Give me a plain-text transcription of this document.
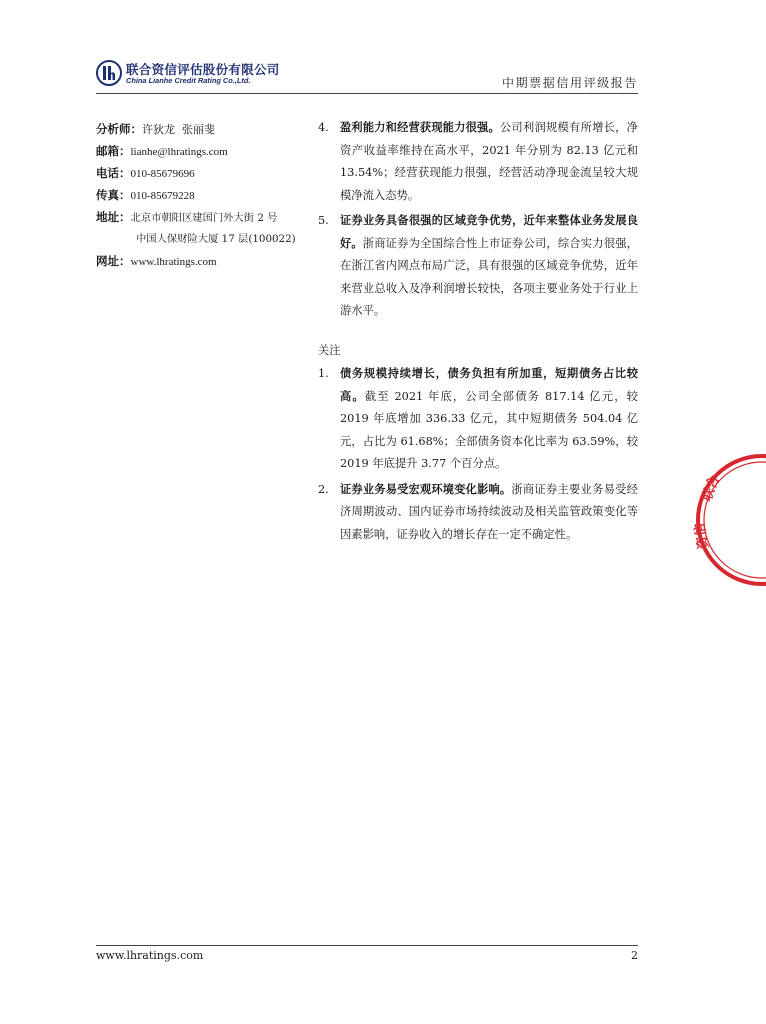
联合资信评估股份有限公司
China Lianhe Credit Rating Co.,Ltd.	中期票据信用评级报告
分析师：许狄龙  张丽斐
邮箱：lianhe@lhratings.com
电话：010-85679696
传真：010-85679228
地址：北京市朝阳区建国门外大街 2 号
中国人保财险大厦 17 层(100022)
网址：www.lhratings.com
4. 盈利能力和经营获现能力很强。公司利润规模有所增长，净资产收益率维持在高水平，2021 年分别为 82.13 亿元和 13.54%；经营获现能力很强，经营活动净现金流呈较大规模净流入态势。
5. 证券业务具备很强的区域竞争优势，近年来整体业务发展良好。浙商证券为全国综合性上市证券公司，综合实力很强，在浙江省内网点布局广泛，具有很强的区域竞争优势，近年来营业总收入及净利润增长较快，各项主要业务处于行业上游水平。
关注
1. 债务规模持续增长，债务负担有所加重，短期债务占比较高。截至 2021 年底，公司全部债务 817.14 亿元，较 2019 年底增加 336.33 亿元，其中短期债务 504.04 亿元，占比为 61.68%；全部债务资本化比率为 63.59%，较 2019 年底提升 3.77 个百分点。
2. 证券业务易受宏观环境变化影响。浙商证券主要业务易受经济周期波动、国内证券市场持续波动及相关监管政策变化等因素影响，证券收入的增长存在一定不确定性。
联合
资信
www.lhratings.com	2
